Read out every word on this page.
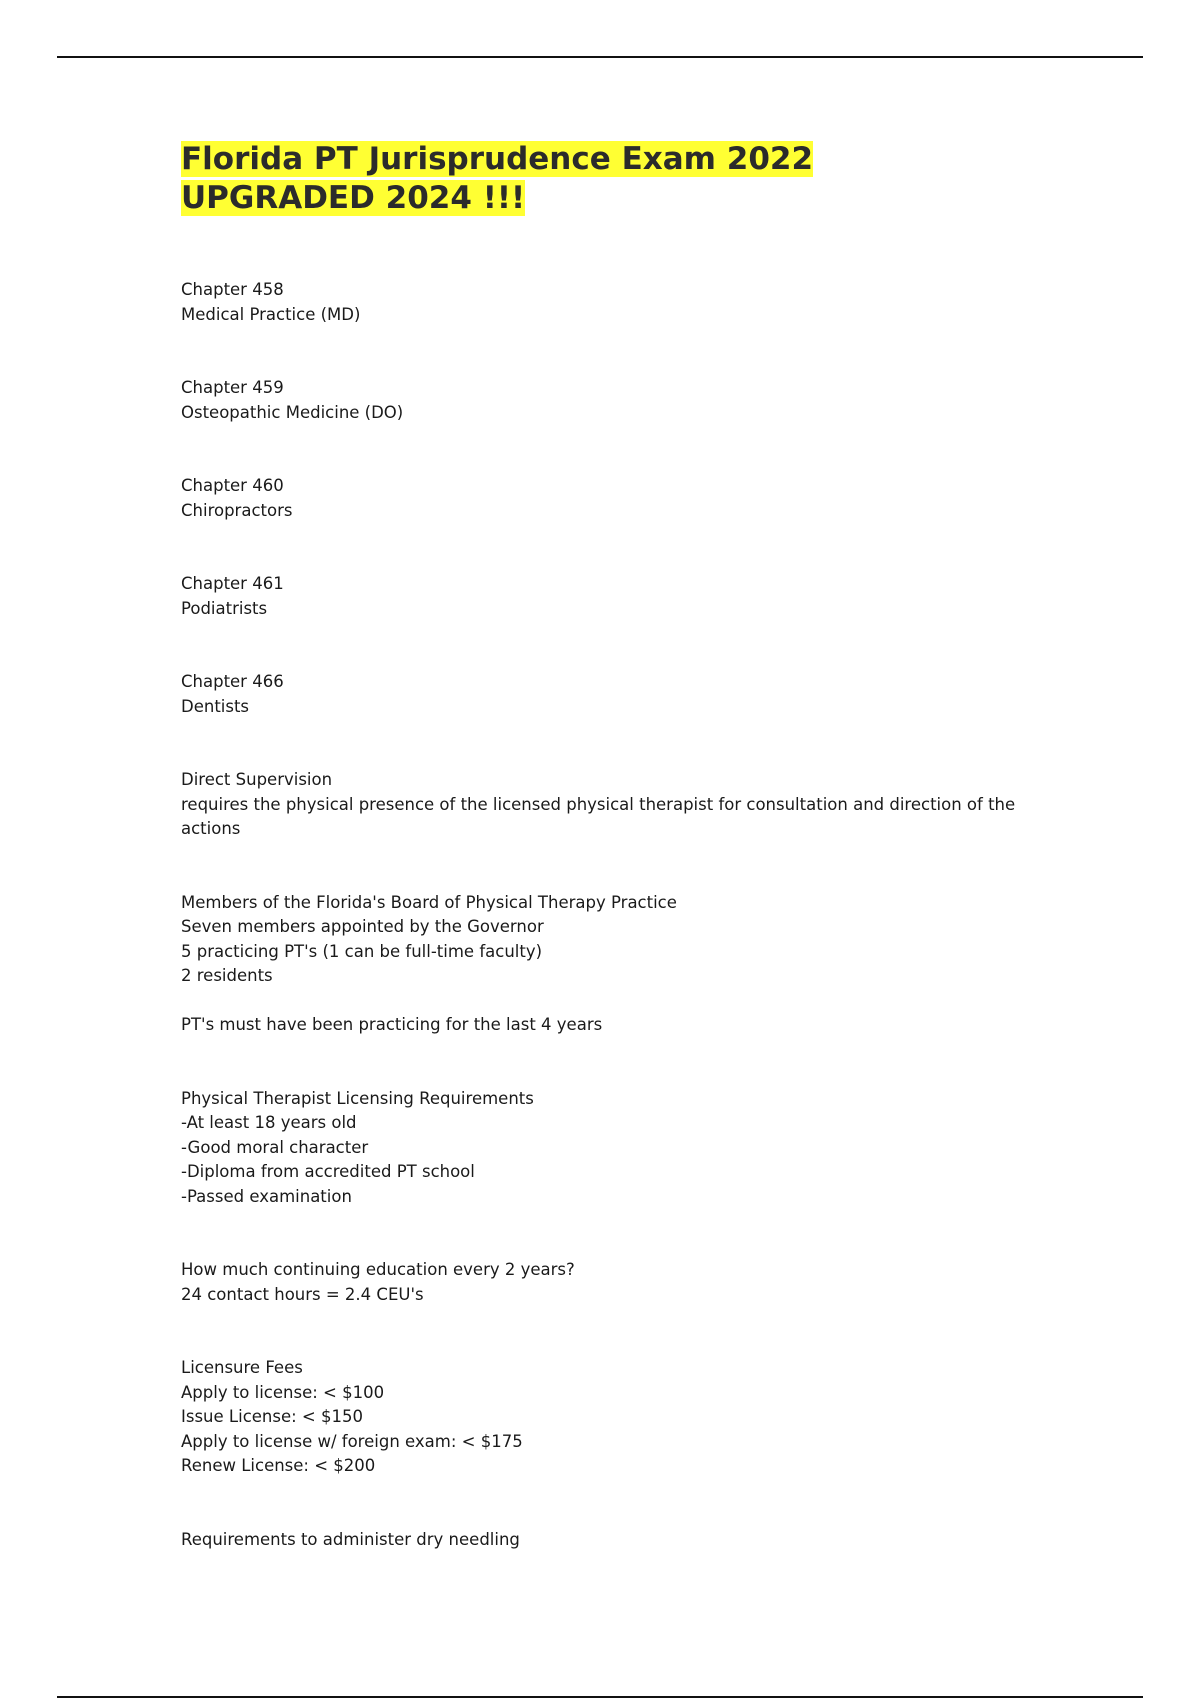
Florida PT Jurisprudence Exam 2022
UPGRADED 2024 !!!

Chapter 458

Medical Practice (MD)

Chapter 459

Osteopathic Medicine (DO)

Chapter 460

Chiropractors

Chapter 461

Podiatrists

Chapter 466

Dentists

Direct Supervision

requires the physical presence of the licensed physical therapist for consultation and direction of the actions

Members of the Florida's Board of Physical Therapy Practice

Seven members appointed by the Governor

5 practicing PT's (1 can be full-time faculty)

2 residents

PT's must have been practicing for the last 4 years

Physical Therapist Licensing Requirements

-At least 18 years old

-Good moral character

-Diploma from accredited PT school

-Passed examination

How much continuing education every 2 years?

24 contact hours = 2.4 CEU's

Licensure Fees

Apply to license: < $100

Issue License: < $150

Apply to license w/ foreign exam: < $175

Renew License: < $200

Requirements to administer dry needling
